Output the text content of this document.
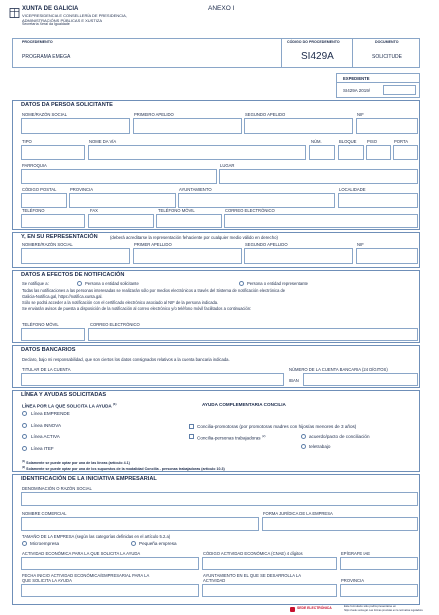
XUNTA DE GALICIA
VICEPRESIDENCIA E CONSELLERÍA DE PRESIDENCIA,
ADMINISTRACIÓNS PÚBLICAS E XUSTIZA
Secretaría Xeral da Igualdade
ANEXO I
PROCEDEMENTO
PROGRAMA EMEGA
CÓDIGO DO PROCEDEMENTO
SI429A
DOCUMENTO
SOLICITUDE
EXPEDIENTE
SI429A 2019/
DATOS DA PERSOA SOLICITANTE
NOME/RAZÓN SOCIAL	PRIMEIRO APELIDO	SEGUNDO APELIDO	NIF
TIPO	NOME DA VÍA	NÚM.	BLOQUE	PISO	PORTA
PARROQUIA	LUGAR
CÓDIGO POSTAL	PROVINCIA	AYUNTAMIENTO	LOCALIDADE
TELÉFONO	FAX	TELÉFONO MÓVIL	CORREO ELECTRÓNICO
Y, EN SU REPRESENTACIÓN	(deberá acreditarse la representación fehaciente por cualquier medio válido en derecho)
NOMBRE/RAZÓN SOCIAL	PRIMER APELLIDO	SEGUNDO APELLIDO	NIF
DATOS A EFECTOS DE NOTIFICACIÓN
Se notifique a:	Persona o entidad solicitante	Persona o entidad representante
Todas las notificaciones a las personas interesadas se realizarán sólo por medios electrónicos a través del Sistema de notificación electrónica de
Galicia-Notifica.gal, https://notifica.xunta.gal.
Sólo se podrá acceder a la notificación con el certificado electrónico asociado al NIF de la persona indicada.
Se enviarán avisos de puesta a disposición de la notificación al correo electrónico y/o teléfono móvil facilitados a continuación:
TELÉFONO MÓVIL	CORREO ELECTRÓNICO
DATOS BANCARIOS
Declaro, bajo mi responsabilidad, que son ciertos los datos consignados relativos a la cuenta bancaria indicada.
TITULAR DE LA CUENTA	NÚMERO DE LA CUENTA BANCARIA (24 DÍGITOS)
IBAN
LÍNEA Y AYUDAS SOLICITADAS
LÍNEA POR LA QUE SOLICITA LA AYUDA $^{(1)}$	AYUDA COMPLEMENTARIA CONCILIA
Línea EMPRENDE
Línea INNOVA
Línea ACTIVA
Línea ITEF
Concilia-promotoras (por promotoras madres con hijos/as menores de 3 años)
Concilia-personas trabajadoras $^{(2)}$	acuerdo/pacto de conciliación
teletrabajo
$^{(1)}$ Solamente se puede optar por una de las líneas (artículo 4.1)
$^{(2)}$ Solamente se puede optar por una de los supuestos de la modalidad Concilia - personas trabajadoras (artículo 10.3)
IDENTIFICACIÓN DE LA INICIATIVA EMPRESARIAL
DENOMINACIÓN O RAZÓN SOCIAL
NOMBRE COMERCIAL	FORMA JURÍDICA DE LA EMPRESA
TAMAÑO DE LA EMPRESA (según las categorías definidas en el artículo 5.2.a)
Microempresa	Pequeña empresa
ACTIVIDAD ECONÓMICA PARA LA QUE SOLICITA LA AYUDA	CÓDIGO ACTIVIDAD ECONÓMICA (CNAE) 4 dígitos	EPÍGRAFE IAE
FECHA INICIO ACTIVIDAD ECONÓMICA/EMPRESARIAL PARA LA
QUE SOLICITA LA AYUDA
AYUNTAMIENTO EN EL QUE SE DESARROLLA LA
ACTIVIDAD	PROVINCIA
SEDE ELECTRÓNICA	Este formulario sólo podrá presentarse en
https://sede.xunta.gal. Las formas previstas en la normativa reguladora
